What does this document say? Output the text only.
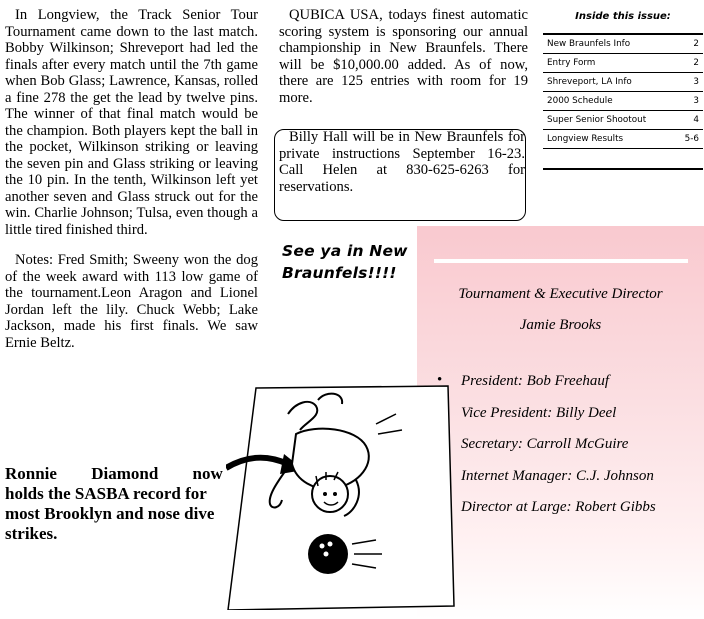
In Longview, the Track Senior Tour Tournament came down to the last match. Bobby Wilkinson; Shreveport had led the finals after every match until the 7th game when Bob Glass; Lawrence, Kansas, rolled a fine 278 the get the lead by twelve pins. The winner of that final match would be the champion. Both players kept the ball in the pocket, Wilkinson striking or leaving the seven pin and Glass striking or leaving the 10 pin. In the tenth, Wilkinson left yet another seven and Glass struck out for the win. Charlie Johnson; Tulsa, even though a little tired finished third.

Notes: Fred Smith; Sweeny won the dog of the week award with 113 low game of the tournament.Leon Aragon and Lionel Jordan left the lily. Chuck Webb; Lake Jackson, made his first finals. We saw Ernie Beltz.

Ronnie Diamond now
holds the SASBA record for
most Brooklyn and nose dive
strikes.

QUBICA USA, todays finest automatic scoring system is sponsoring our annual championship in New Braunfels. There will be $10,000.00 added. As of now, there are 125 entries with room for 19 more.

Billy Hall will be in New Braunfels for private instructions September 16-23. Call Helen at 830-625-6263 for reservations.

Inside this issue:
New Braunfels Info	2
Entry Form	2
Shreveport, LA Info	3
2000 Schedule	3
Super Senior Shootout	4
Longview Results	5-6

See ya in New
Braunfels!!!!
Tournament & Executive Director
Jamie Brooks
• President: Bob Freehauf
• Vice President: Billy Deel
• Secretary: Carroll McGuire
• Internet Manager: C.J. Johnson
• Director at Large: Robert Gibbs
